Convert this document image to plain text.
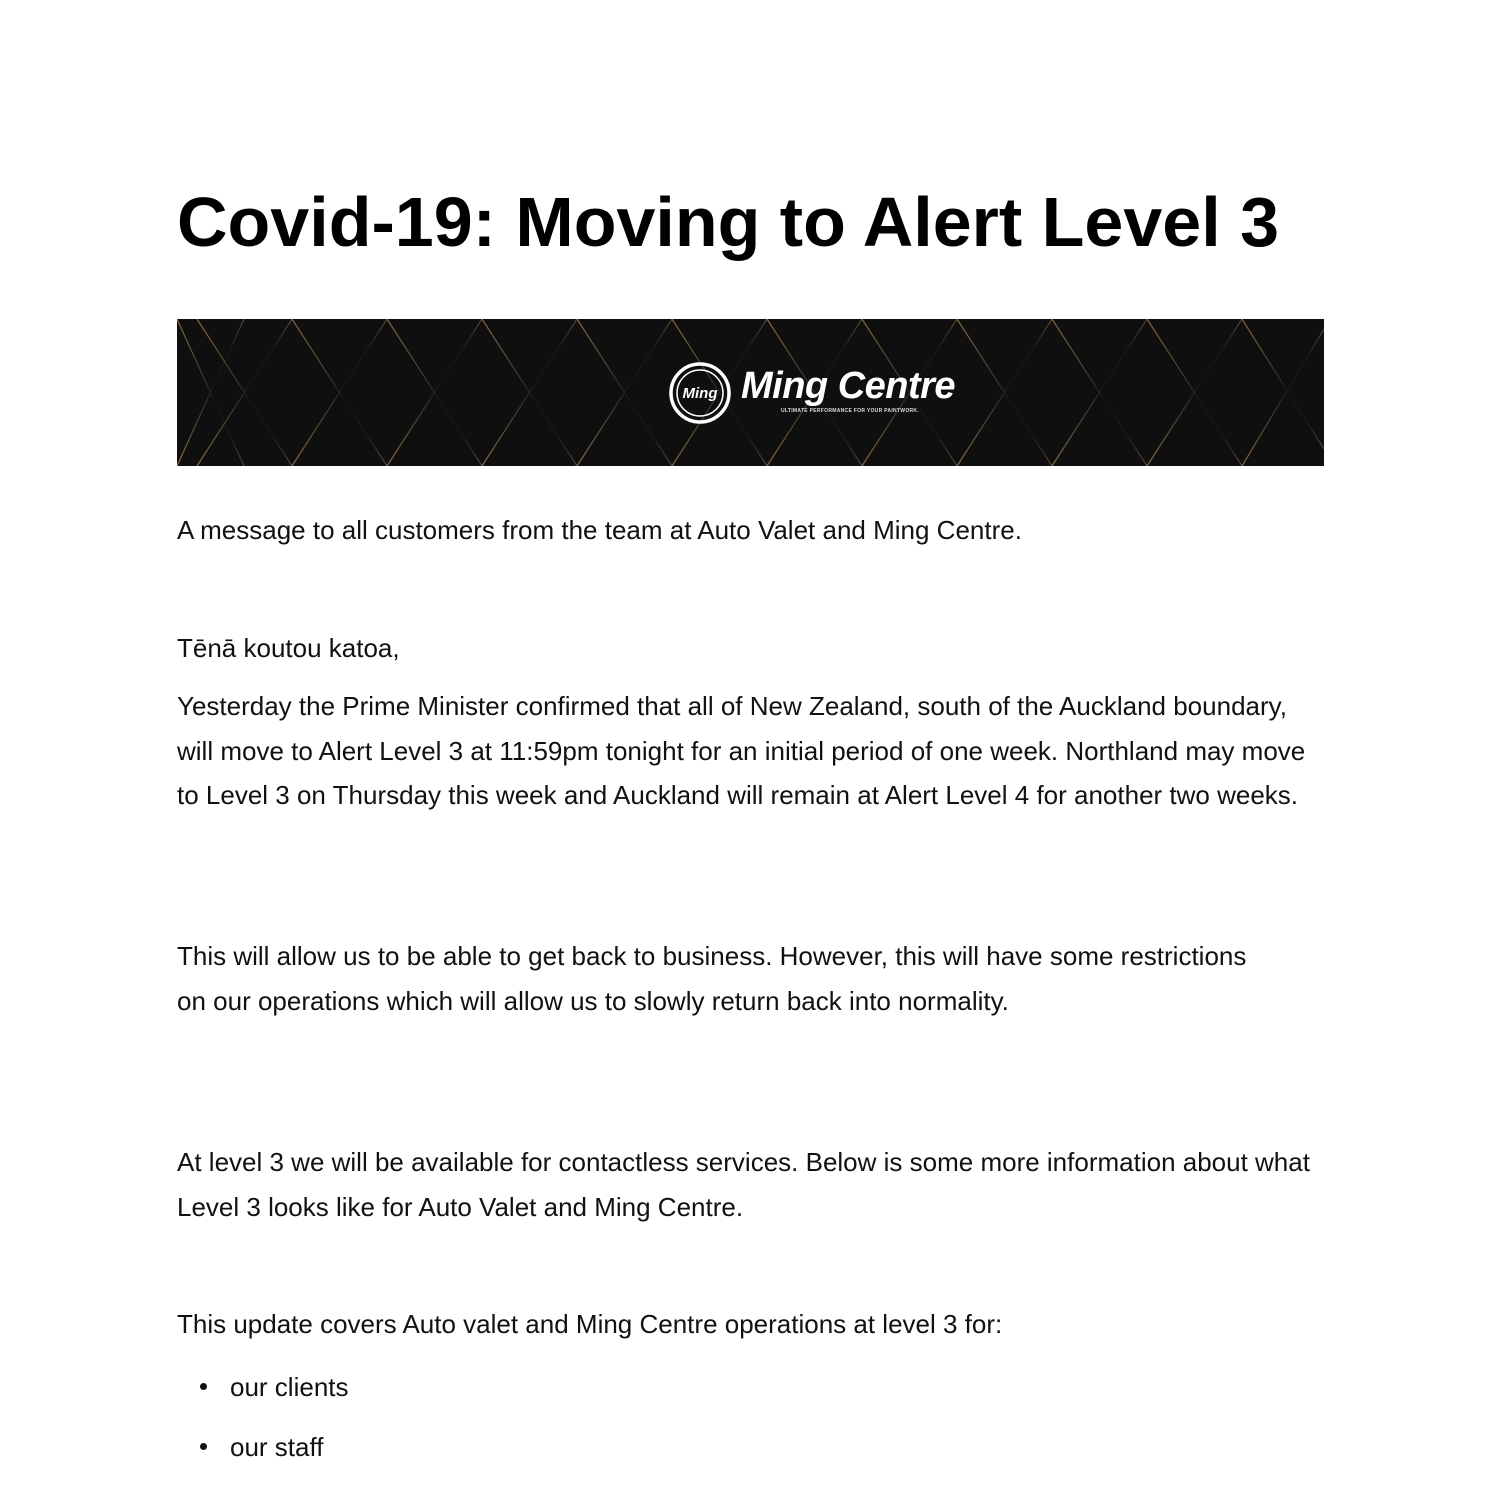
Covid-19: Moving to Alert Level 3
Ming Ming Centre
ULTIMATE PERFORMANCE FOR YOUR PAINTWORK.

A message to all customers from the team at Auto Valet and Ming Centre.

Tēnā koutou katoa,

Yesterday the Prime Minister confirmed that all of New Zealand, south of the Auckland boundary, will move to Alert Level 3 at 11:59pm tonight for an initial period of one week. Northland may move to Level 3 on Thursday this week and Auckland will remain at Alert Level 4 for another two weeks.

This will allow us to be able to get back to business. However, this will have some restrictions on our operations which will allow us to slowly return back into normality.

At level 3 we will be available for contactless services. Below is some more information about what Level 3 looks like for Auto Valet and Ming Centre.

This update covers Auto valet and Ming Centre operations at level 3 for:

our clients
our staff
